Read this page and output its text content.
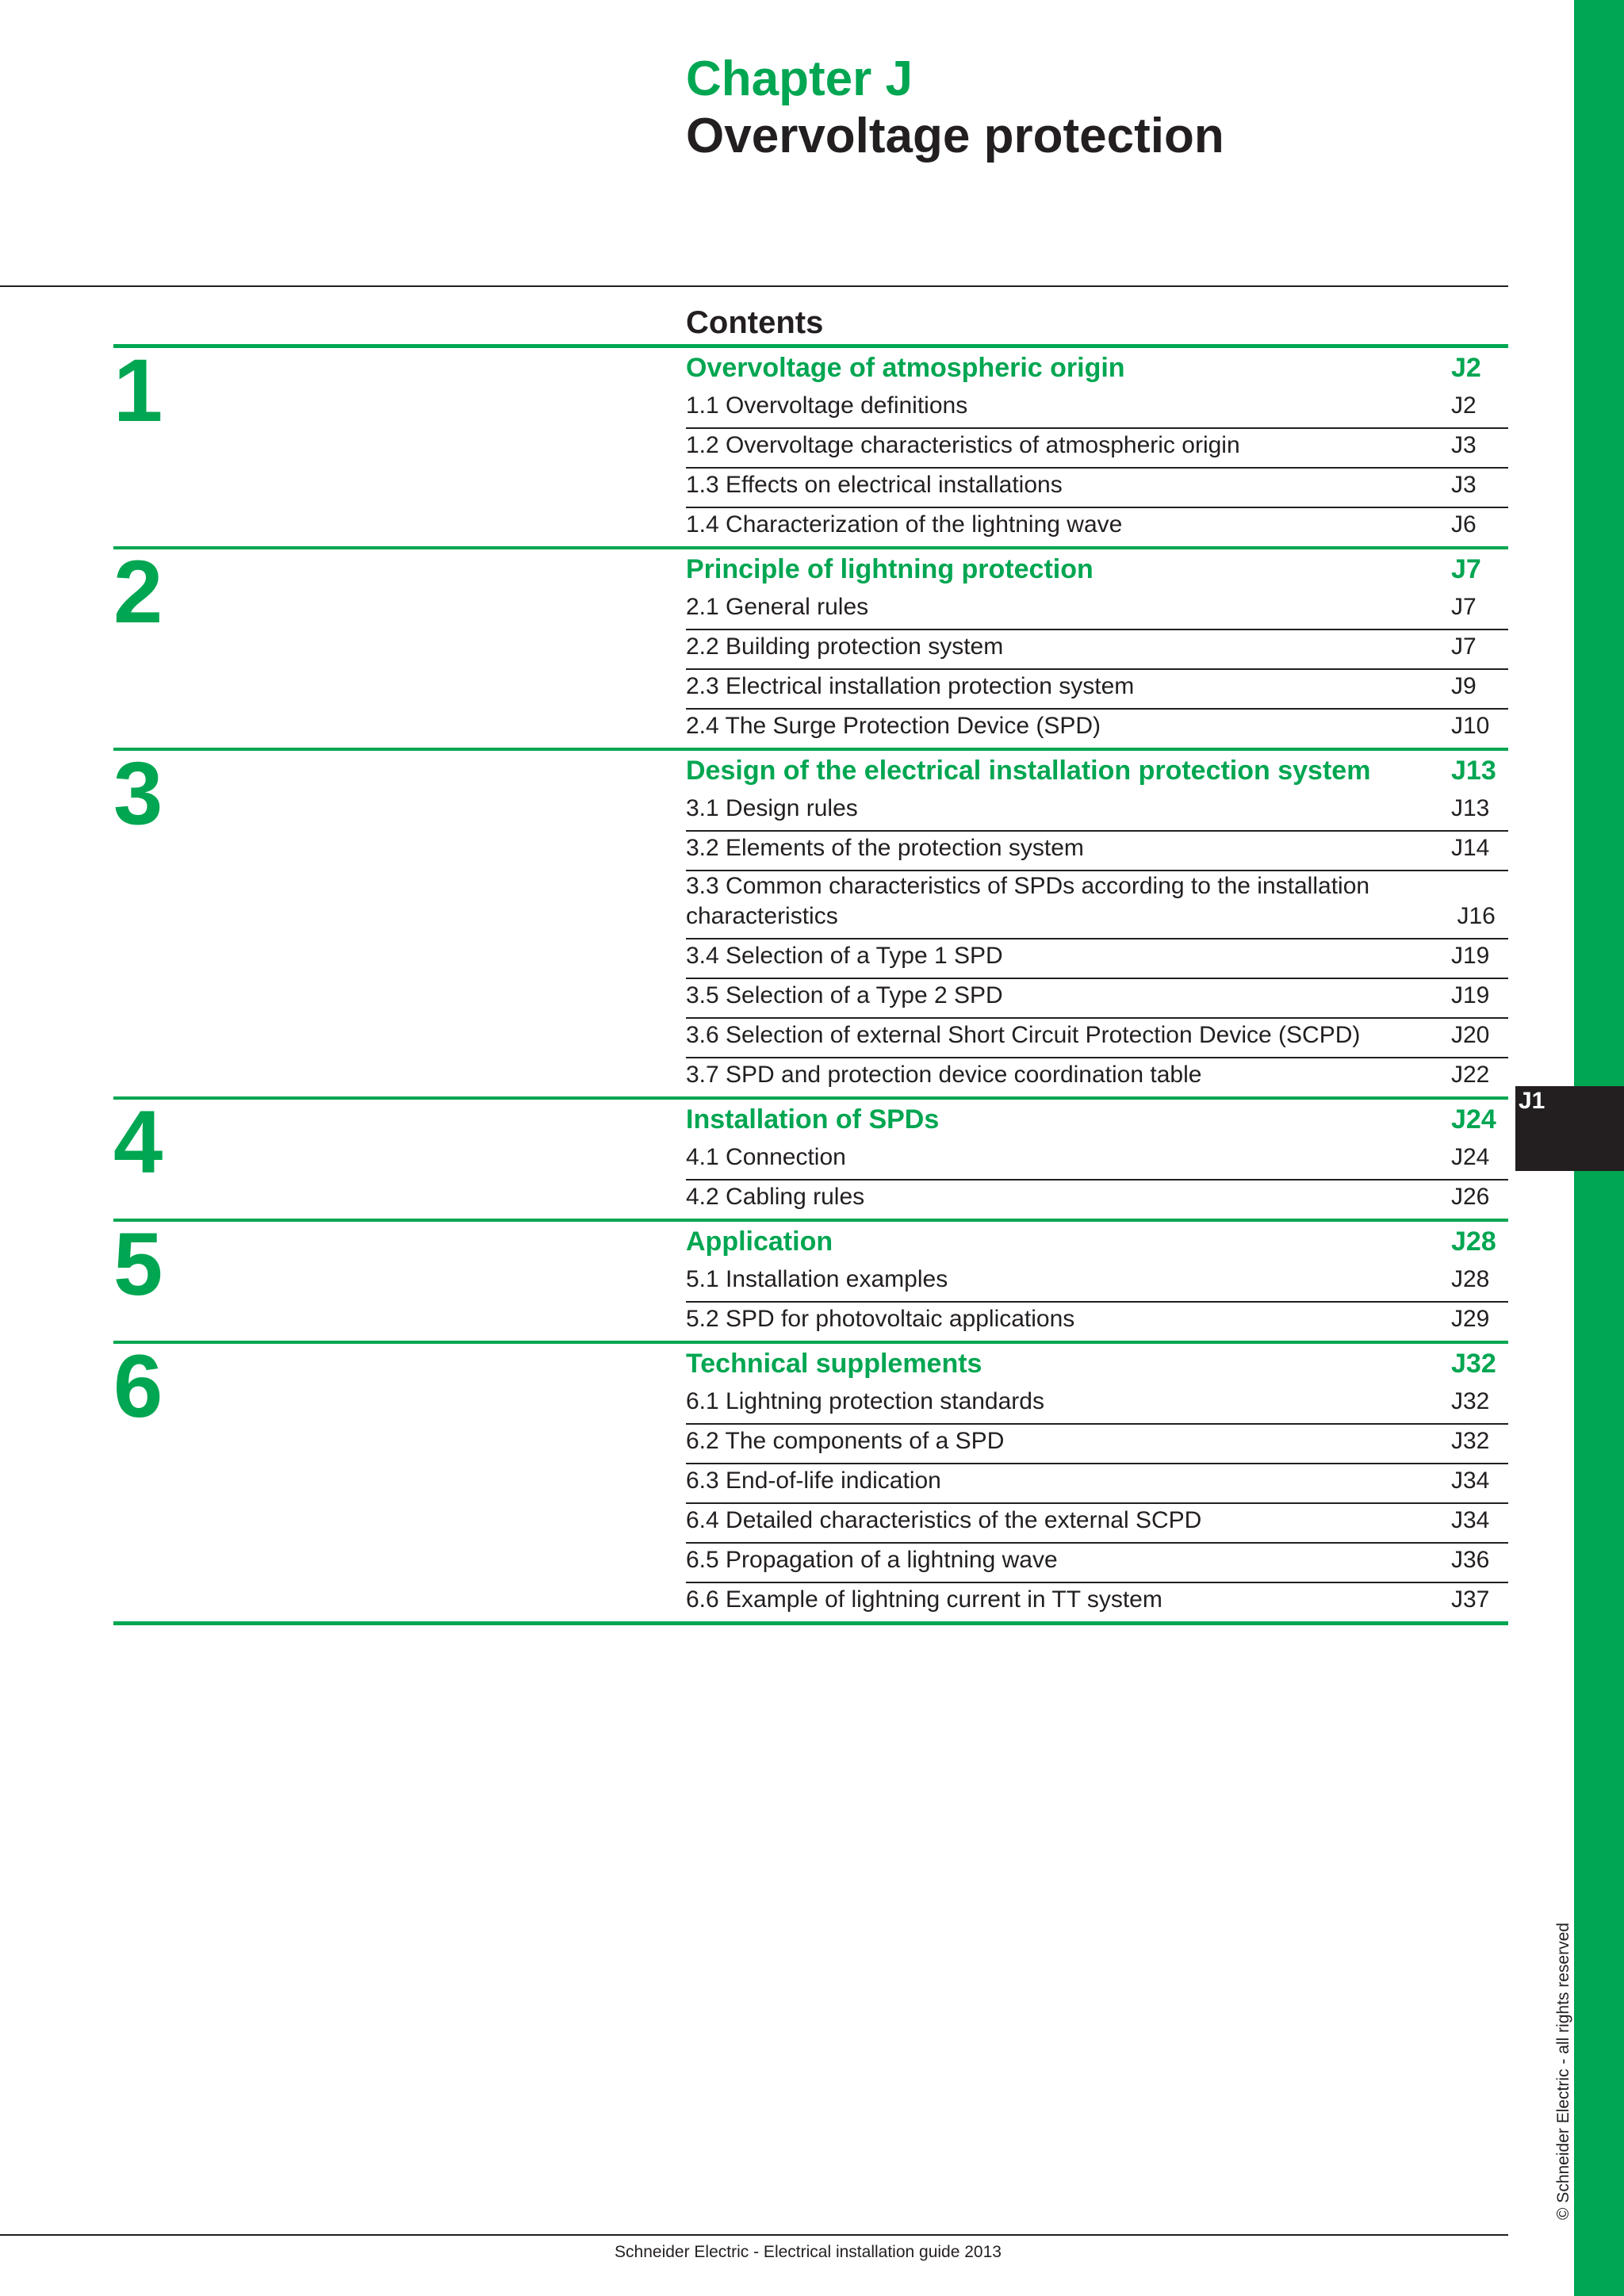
J1
© Schneider Electric - all rights reserved
Chapter J
Overvoltage protection
Contents
1	Overvoltage of atmospheric origin	J2
1.1 Overvoltage definitions	J2
1.2 Overvoltage characteristics of atmospheric origin	J3
1.3 Effects on electrical installations	J3
1.4 Characterization of the lightning wave	J6
2	Principle of lightning protection	J7
2.1 General rules	J7
2.2 Building protection system	J7
2.3 Electrical installation protection system	J9
2.4 The Surge Protection Device (SPD)	J10
3	Design of the electrical installation protection system	J13
3.1 Design rules	J13
3.2 Elements of the protection system	J14
3.3 Common characteristics of SPDs according to the installation characteristics	J16
3.4 Selection of a Type 1 SPD	J19
3.5 Selection of a Type 2 SPD	J19
3.6 Selection of external Short Circuit Protection Device (SCPD)	J20
3.7 SPD and protection device coordination table	J22
4	Installation of SPDs	J24
4.1 Connection	J24
4.2 Cabling rules	J26
5	Application	J28
5.1 Installation examples	J28
5.2 SPD for photovoltaic applications	J29
6	Technical supplements	J32
6.1 Lightning protection standards	J32
6.2 The components of a SPD	J32
6.3 End-of-life indication	J34
6.4 Detailed characteristics of the external SCPD	J34
6.5 Propagation of a lightning wave	J36
6.6 Example of lightning current in TT system	J37
Schneider Electric - Electrical installation guide 2013
